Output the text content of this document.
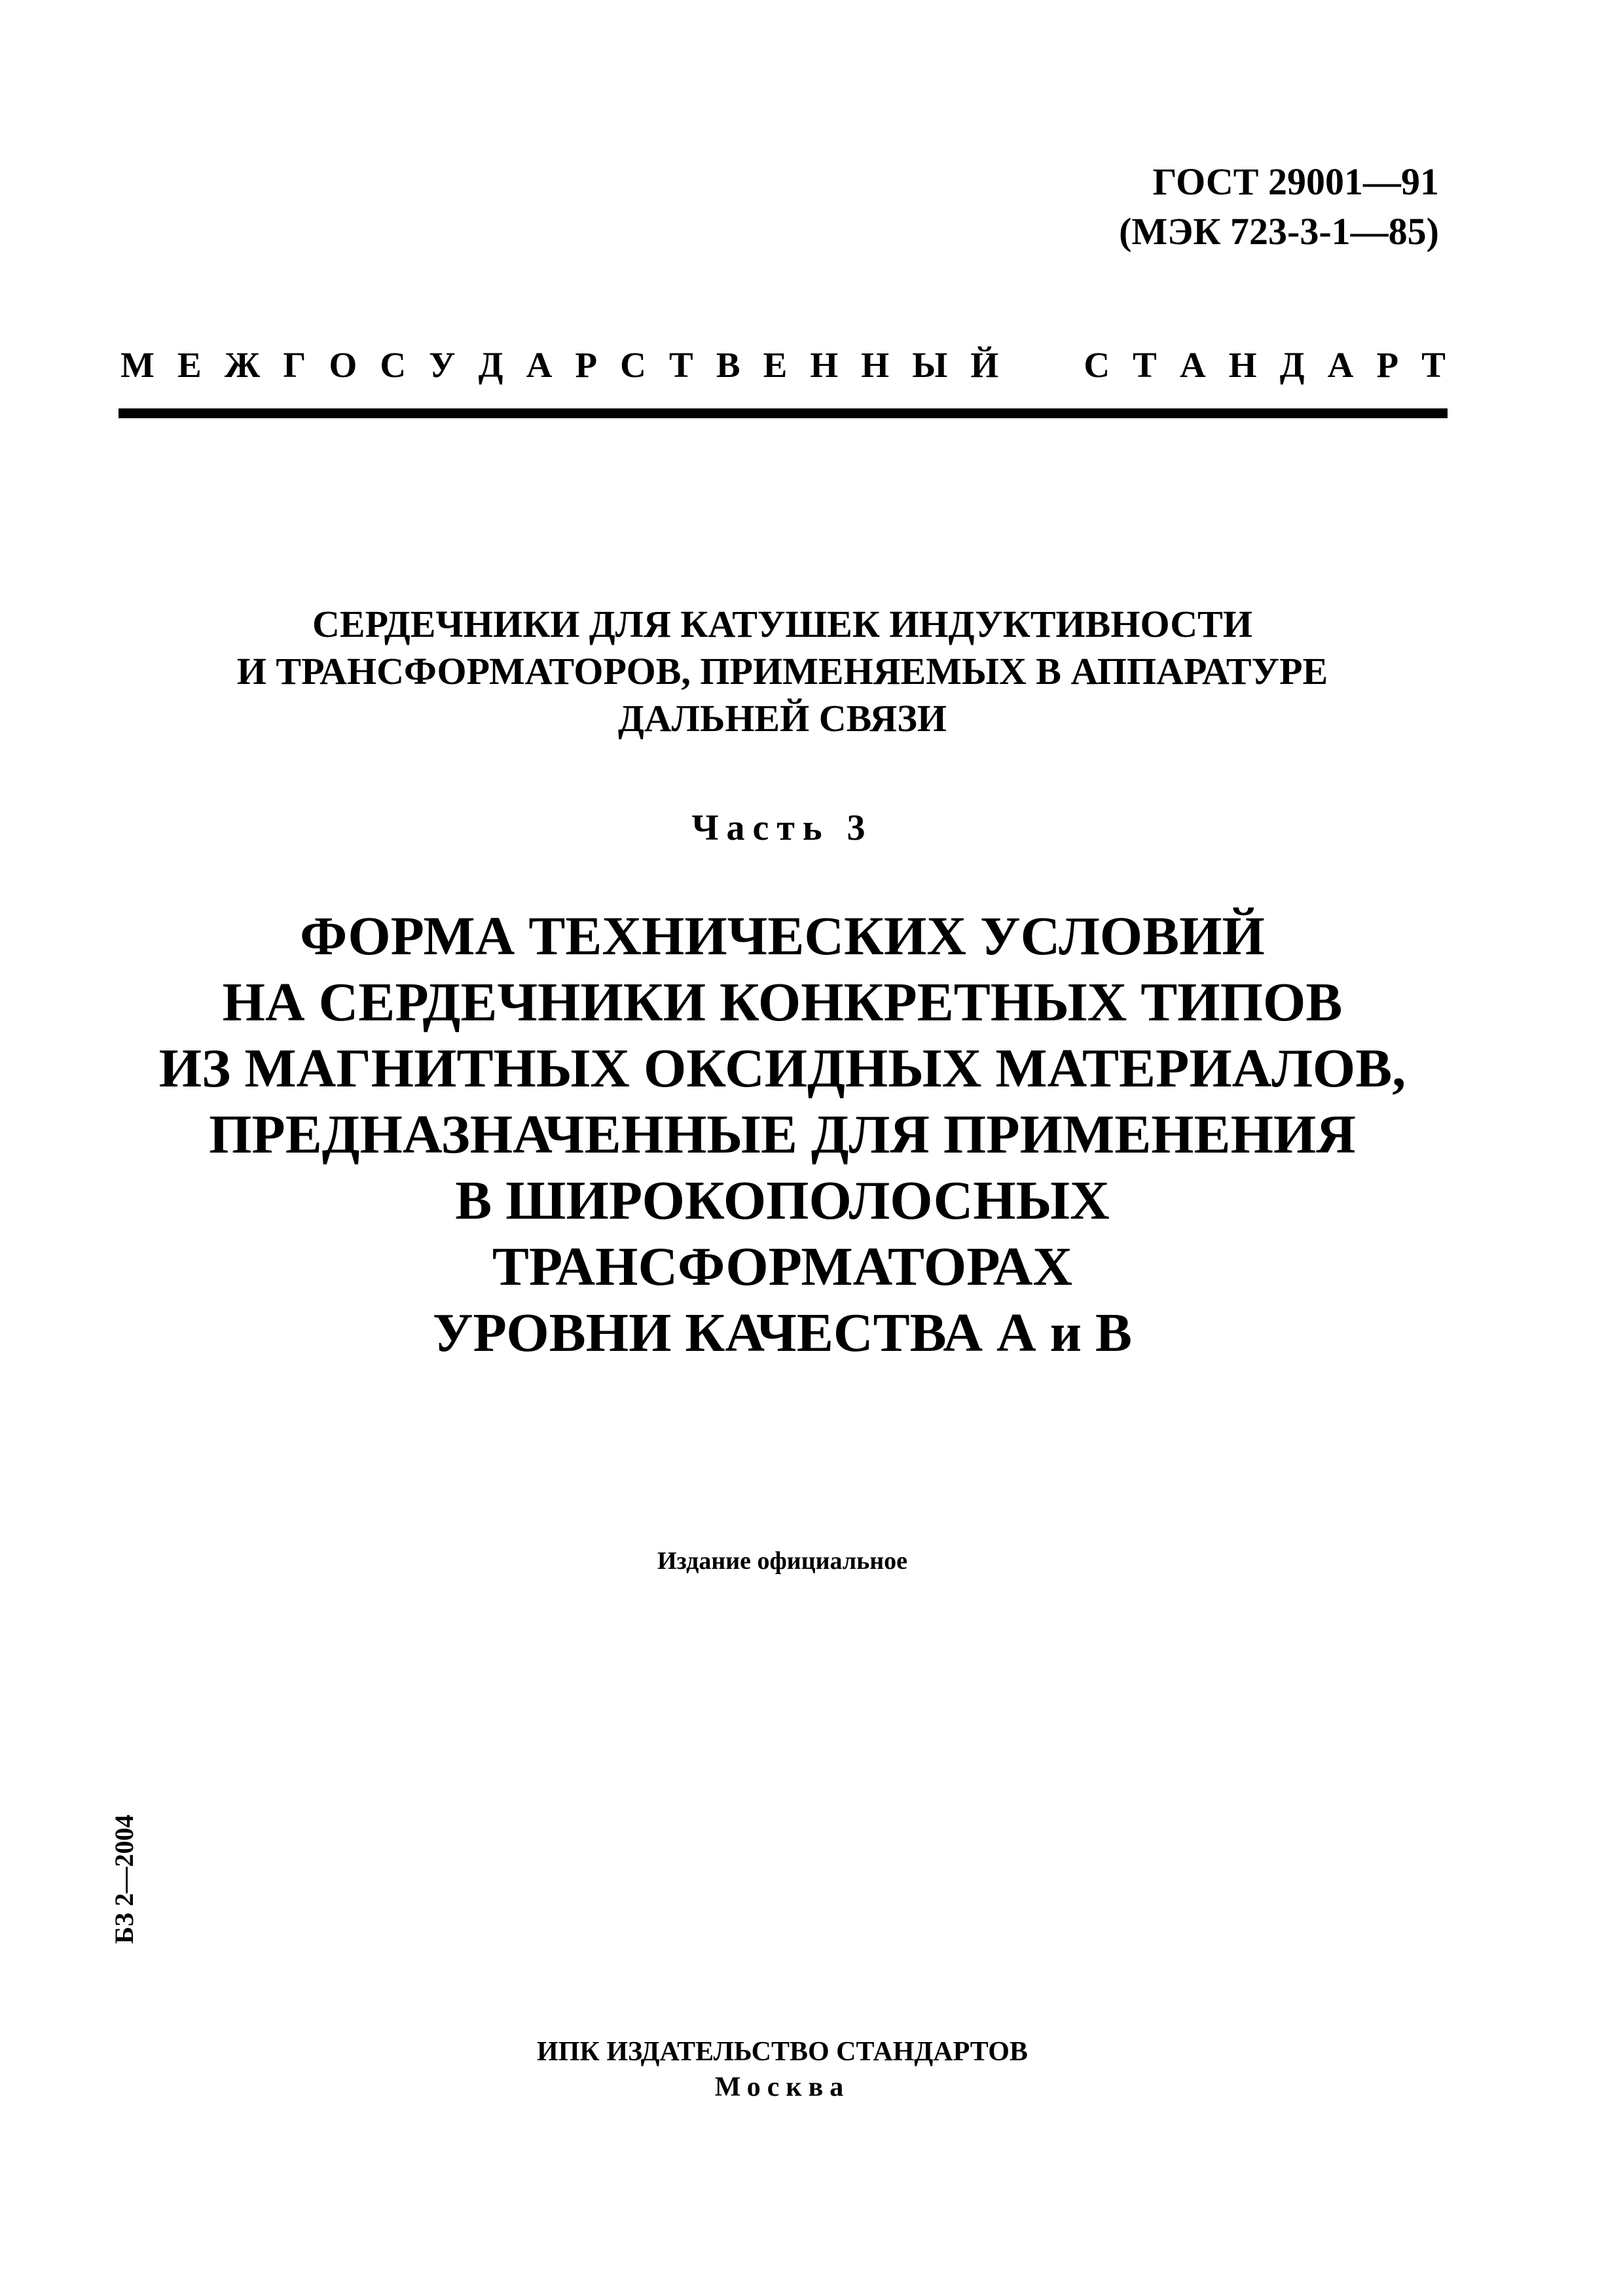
ГОСТ 29001—91
(МЭК 723-3-1—85)
М Е Ж Г О С У Д А Р С Т В Е Н Н Ы Й С Т А Н Д А Р Т
СЕРДЕЧНИКИ ДЛЯ КАТУШЕК ИНДУКТИВНОСТИ
И ТРАНСФОРМАТОРОВ, ПРИМЕНЯЕМЫХ В АППАРАТУРЕ
ДАЛЬНЕЙ СВЯЗИ
Часть 3
ФОРМА ТЕХНИЧЕСКИХ УСЛОВИЙ
НА СЕРДЕЧНИКИ КОНКРЕТНЫХ ТИПОВ
ИЗ МАГНИТНЫХ ОКСИДНЫХ МАТЕРИАЛОВ,
ПРЕДНАЗНАЧЕННЫЕ ДЛЯ ПРИМЕНЕНИЯ
В ШИРОКОПОЛОСНЫХ
ТРАНСФОРМАТОРАХ
УРОВНИ КАЧЕСТВА А и В
Издание официальное
БЗ 2—2004
ИПК ИЗДАТЕЛЬСТВО СТАНДАРТОВ
Москва
